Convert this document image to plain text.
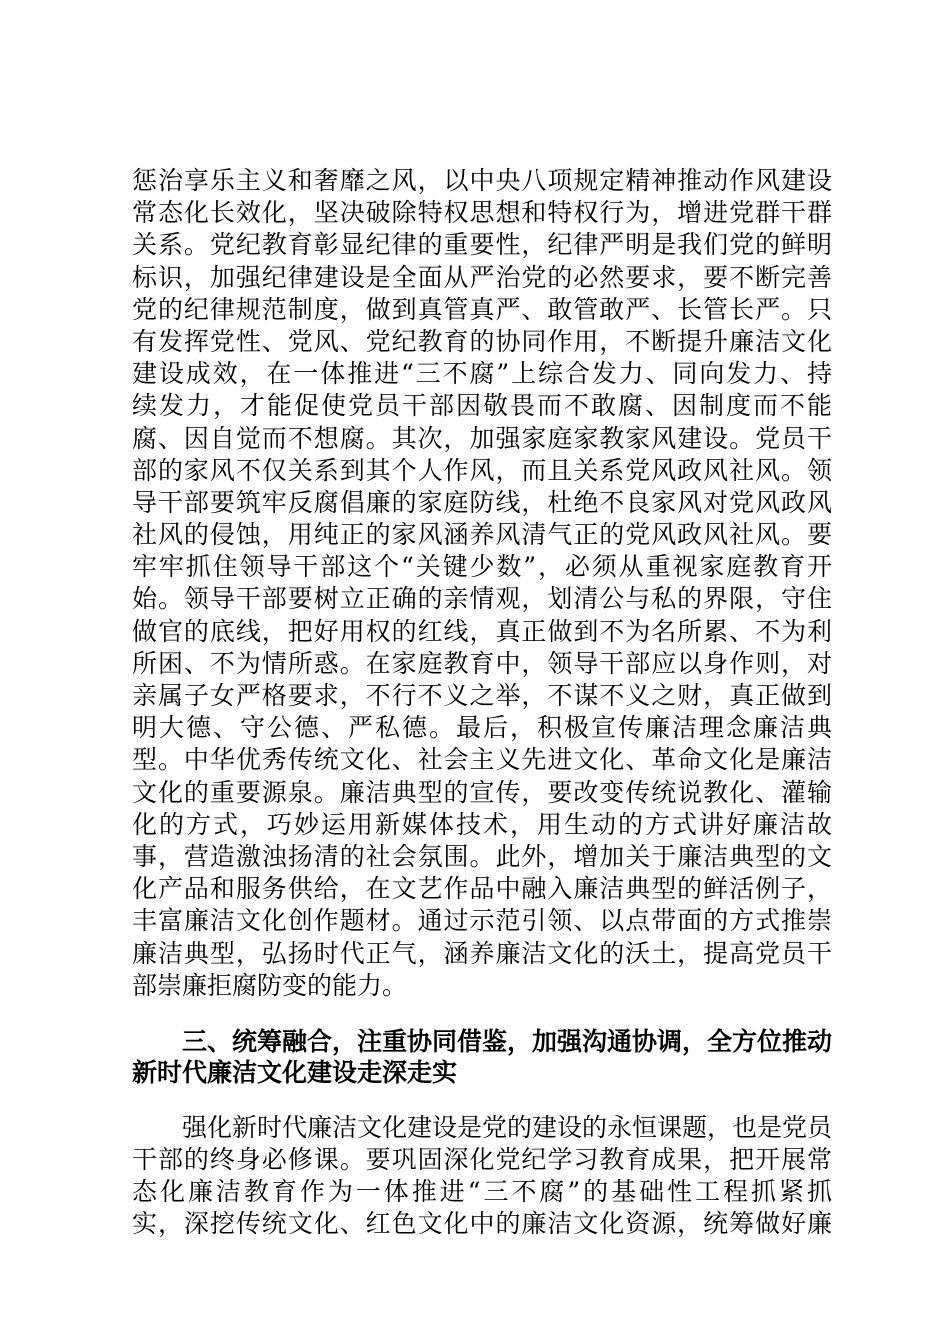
惩治享乐主义和奢靡之风，以中央八项规定精神推动作风建设
常态化长效化，坚决破除特权思想和特权行为，增进党群干群
关系。党纪教育彰显纪律的重要性，纪律严明是我们党的鲜明
标识，加强纪律建设是全面从严治党的必然要求，要不断完善
党的纪律规范制度，做到真管真严、敢管敢严、长管长严。只
有发挥党性、党风、党纪教育的协同作用，不断提升廉洁文化
建设成效，在一体推进“三不腐”上综合发力、同向发力、持
续发力，才能促使党员干部因敬畏而不敢腐、因制度而不能
腐、因自觉而不想腐。其次，加强家庭家教家风建设。党员干
部的家风不仅关系到其个人作风，而且关系党风政风社风。领
导干部要筑牢反腐倡廉的家庭防线，杜绝不良家风对党风政风
社风的侵蚀，用纯正的家风涵养风清气正的党风政风社风。要
牢牢抓住领导干部这个“关键少数”，必须从重视家庭教育开
始。领导干部要树立正确的亲情观，划清公与私的界限，守住
做官的底线，把好用权的红线，真正做到不为名所累、不为利
所困、不为情所惑。在家庭教育中，领导干部应以身作则，对
亲属子女严格要求，不行不义之举，不谋不义之财，真正做到
明大德、守公德、严私德。最后，积极宣传廉洁理念廉洁典
型。中华优秀传统文化、社会主义先进文化、革命文化是廉洁
文化的重要源泉。廉洁典型的宣传，要改变传统说教化、灌输
化的方式，巧妙运用新媒体技术，用生动的方式讲好廉洁故
事，营造激浊扬清的社会氛围。此外，增加关于廉洁典型的文
化产品和服务供给，在文艺作品中融入廉洁典型的鲜活例子，
丰富廉洁文化创作题材。通过示范引领、以点带面的方式推崇
廉洁典型，弘扬时代正气，涵养廉洁文化的沃土，提高党员干
部崇廉拒腐防变的能力。
三、统筹融合，注重协同借鉴，加强沟通协调，全方位推动
新时代廉洁文化建设走深走实
强化新时代廉洁文化建设是党的建设的永恒课题，也是党员
干部的终身必修课。要巩固深化党纪学习教育成果，把开展常
态化廉洁教育作为一体推进“三不腐”的基础性工程抓紧抓
实，深挖传统文化、红色文化中的廉洁文化资源，统筹做好廉
